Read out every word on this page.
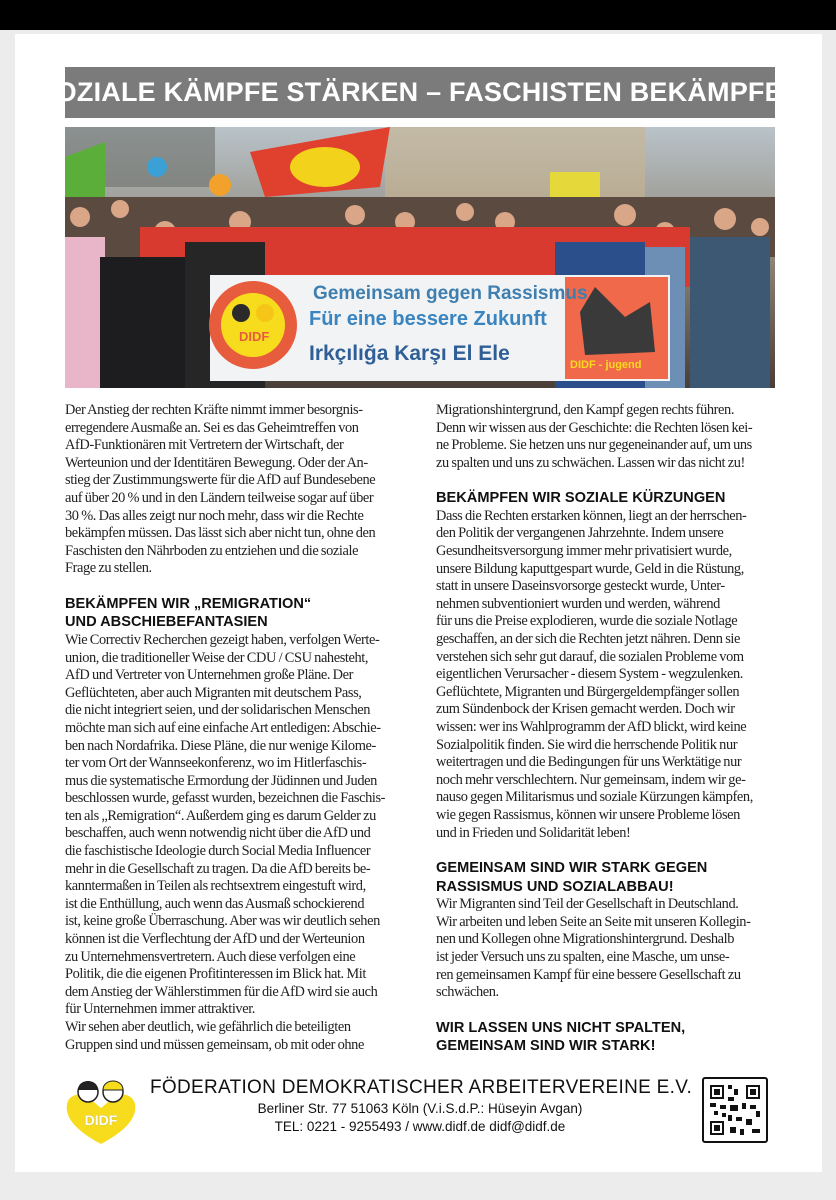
SOZIALE KÄMPFE STÄRKEN – FASCHISTEN BEKÄMPFEN
DIDF
Gemeinsam gegen Rassismus
Für eine bessere Zukunft
Irkçılığa Karşı El Ele	DIDF - jugend
Der Anstieg der rechten Kräfte nimmt immer besorgnis-
erregendere Ausmaße an. Sei es das Geheimtreffen von
AfD-Funktionären mit Vertretern der Wirtschaft, der
Werteunion und der Identitären Bewegung. Oder der An-
stieg der Zustimmungswerte für die AfD auf Bundesebene
auf über 20 % und in den Ländern teilweise sogar auf über
30 %. Das alles zeigt nur noch mehr, dass wir die Rechte
bekämpfen müssen. Das lässt sich aber nicht tun, ohne den
Faschisten den Nährboden zu entziehen und die soziale
Frage zu stellen.
BEKÄMPFEN WIR „REMIGRATION“
UND ABSCHIEBEFANTASIEN
Wie Correctiv Recherchen gezeigt haben, verfolgen Werte-
union, die traditioneller Weise der CDU / CSU nahesteht,
AfD und Vertreter von Unternehmen große Pläne. Der
Geflüchteten, aber auch Migranten mit deutschem Pass,
die nicht integriert seien, und der solidarischen Menschen
möchte man sich auf eine einfache Art entledigen: Abschie-
ben nach Nordafrika. Diese Pläne, die nur wenige Kilome-
ter vom Ort der Wannseekonferenz, wo im Hitlerfaschis-
mus die systematische Ermordung der Jüdinnen und Juden
beschlossen wurde, gefasst wurden, bezeichnen die Faschis-
ten als „Remigration“. Außerdem ging es darum Gelder zu
beschaffen, auch wenn notwendig nicht über die AfD und
die faschistische Ideologie durch Social Media Influencer
mehr in die Gesellschaft zu tragen. Da die AfD bereits be-
kanntermaßen in Teilen als rechtsextrem eingestuft wird,
ist die Enthüllung, auch wenn das Ausmaß schockierend
ist, keine große Überraschung. Aber was wir deutlich sehen
können ist die Verflechtung der AfD und der Werteunion
zu Unternehmensvertretern. Auch diese verfolgen eine
Politik, die die eigenen Profitinteressen im Blick hat. Mit
dem Anstieg der Wählerstimmen für die AfD wird sie auch
für Unternehmen immer attraktiver.
Wir sehen aber deutlich, wie gefährlich die beteiligten
Gruppen sind und müssen gemeinsam, ob mit oder ohne
Migrationshintergrund, den Kampf gegen rechts führen.
Denn wir wissen aus der Geschichte: die Rechten lösen kei-
ne Probleme. Sie hetzen uns nur gegeneinander auf, um uns
zu spalten und uns zu schwächen. Lassen wir das nicht zu!
BEKÄMPFEN WIR SOZIALE KÜRZUNGEN
Dass die Rechten erstarken können, liegt an der herrschen-
den Politik der vergangenen Jahrzehnte. Indem unsere
Gesundheitsversorgung immer mehr privatisiert wurde,
unsere Bildung kaputtgespart wurde, Geld in die Rüstung,
statt in unsere Daseinsvorsorge gesteckt wurde, Unter-
nehmen subventioniert wurden und werden, während
für uns die Preise explodieren, wurde die soziale Notlage
geschaffen, an der sich die Rechten jetzt nähren. Denn sie
verstehen sich sehr gut darauf, die sozialen Probleme vom
eigentlichen Verursacher - diesem System - wegzulenken.
Geflüchtete, Migranten und Bürgergeldempfänger sollen
zum Sündenbock der Krisen gemacht werden. Doch wir
wissen: wer ins Wahlprogramm der AfD blickt, wird keine
Sozialpolitik finden. Sie wird die herrschende Politik nur
weitertragen und die Bedingungen für uns Werktätige nur
noch mehr verschlechtern. Nur gemeinsam, indem wir ge-
nauso gegen Militarismus und soziale Kürzungen kämpfen,
wie gegen Rassismus, können wir unsere Probleme lösen
und in Frieden und Solidarität leben!
GEMEINSAM SIND WIR STARK GEGEN
RASSISMUS UND SOZIALABBAU!
Wir Migranten sind Teil der Gesellschaft in Deutschland.
Wir arbeiten und leben Seite an Seite mit unseren Kollegin-
nen und Kollegen ohne Migrationshintergrund. Deshalb
ist jeder Versuch uns zu spalten, eine Masche, um unse-
ren gemeinsamen Kampf für eine bessere Gesellschaft zu
schwächen.
WIR LASSEN UNS NICHT SPALTEN,
GEMEINSAM SIND WIR STARK!
DIDF
FÖDERATION DEMOKRATISCHER ARBEITERVEREINE E.V.
Berliner Str. 77 51063 Köln (V.i.S.d.P.: Hüseyin Avgan)
TEL: 0221 - 9255493 / www.didf.de didf@didf.de
